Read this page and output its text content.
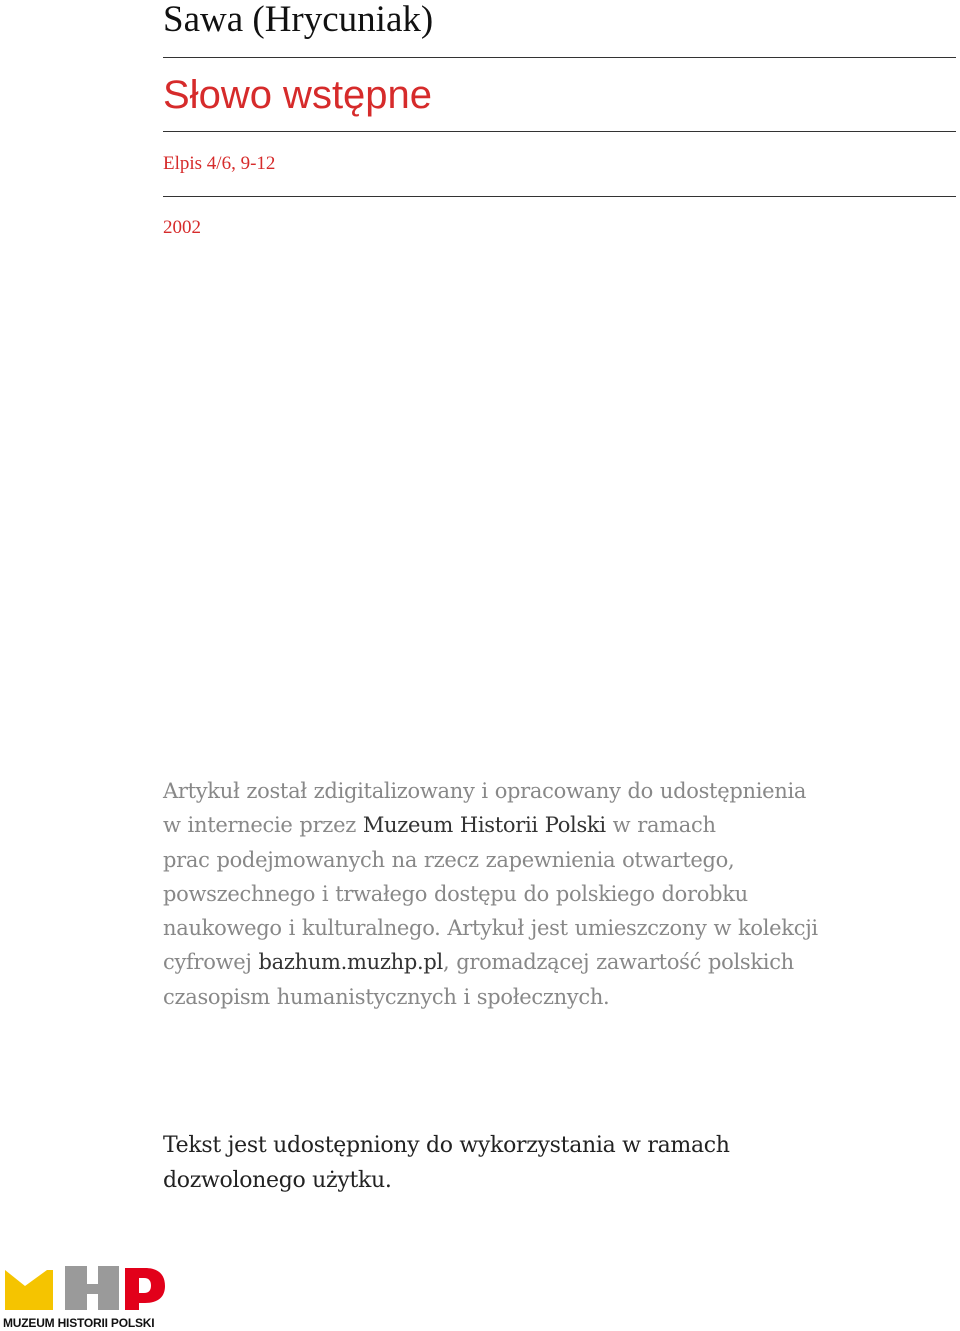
Sawa (Hrycuniak)
Słowo wstępne
Elpis 4/6, 9-12
2002

Artykuł został zdigitalizowany i opracowany do udostępnienia
w internecie przez Muzeum Historii Polski w ramach
prac podejmowanych na rzecz zapewnienia otwartego,
powszechnego i trwałego dostępu do polskiego dorobku
naukowego i kulturalnego. Artykuł jest umieszczony w kolekcji
cyfrowej bazhum.muzhp.pl, gromadzącej zawartość polskich
czasopism humanistycznych i społecznych.

Tekst jest udostępniony do wykorzystania w ramach
dozwolonego użytku.

MUZEUM HISTORII POLSKI
